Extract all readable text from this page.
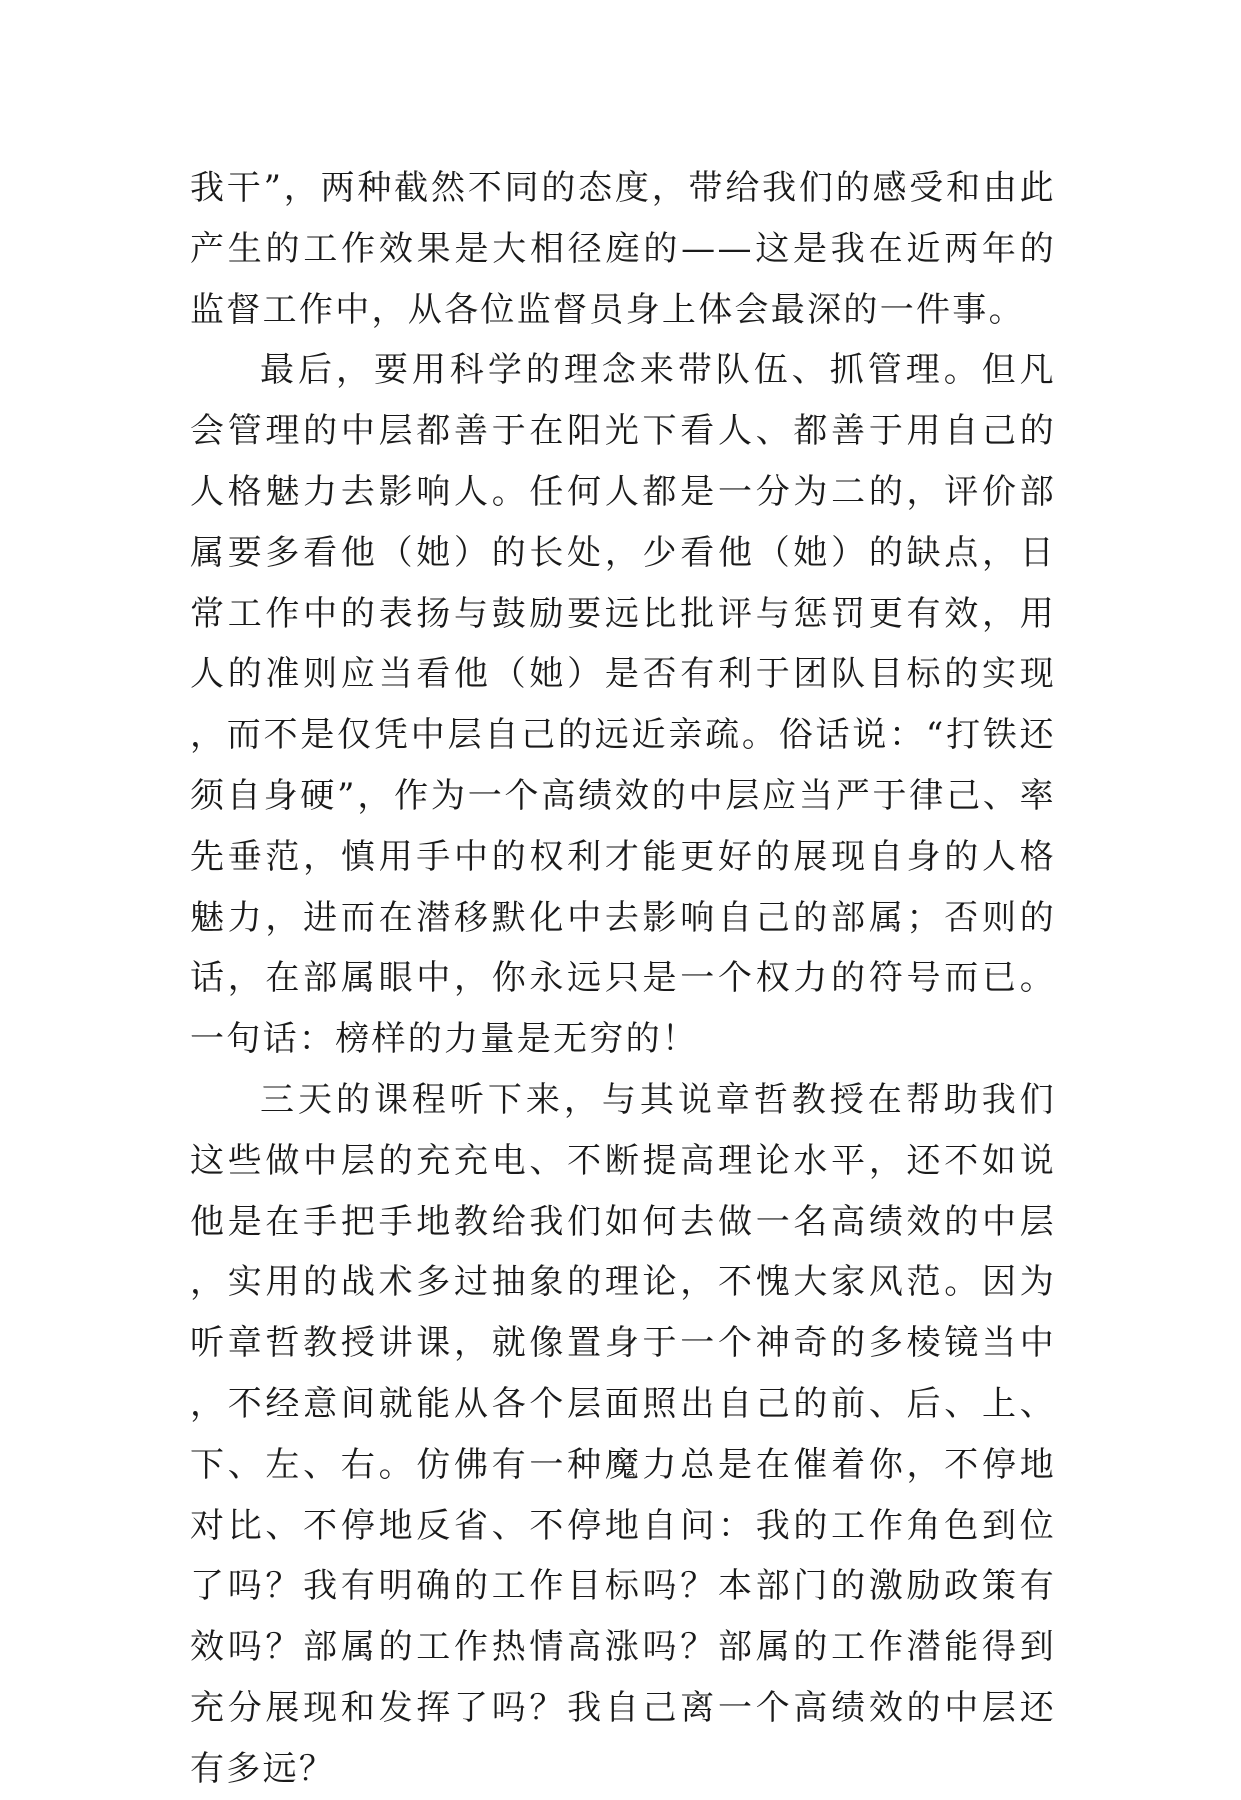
我干”，两种截然不同的态度，带给我们的感受和由此产生的工作效果是大相径庭的——这是我在近两年的监督工作中，从各位监督员身上体会最深的一件事。

最后，要用科学的理念来带队伍、抓管理。但凡会管理的中层都善于在阳光下看人、都善于用自己的人格魅力去影响人。任何人都是一分为二的，评价部属要多看他（她）的长处，少看他（她）的缺点，日常工作中的表扬与鼓励要远比批评与惩罚更有效，用人的准则应当看他（她）是否有利于团队目标的实现，而不是仅凭中层自己的远近亲疏。俗话说：“打铁还须自身硬”，作为一个高绩效的中层应当严于律己、率先垂范，慎用手中的权利才能更好的展现自身的人格魅力，进而在潜移默化中去影响自己的部属；否则的话，在部属眼中，你永远只是一个权力的符号而已。一句话：榜样的力量是无穷的！

三天的课程听下来，与其说章哲教授在帮助我们这些做中层的充充电、不断提高理论水平，还不如说他是在手把手地教给我们如何去做一名高绩效的中层，实用的战术多过抽象的理论，不愧大家风范。因为听章哲教授讲课，就像置身于一个神奇的多棱镜当中，不经意间就能从各个层面照出自己的前、后、上、下、左、右。仿佛有一种魔力总是在催着你，不停地对比、不停地反省、不停地自问：我的工作角色到位了吗？我有明确的工作目标吗？本部门的激励政策有效吗？部属的工作热情高涨吗？部属的工作潜能得到充分展现和发挥了吗？我自己离一个高绩效的中层还有多远？
